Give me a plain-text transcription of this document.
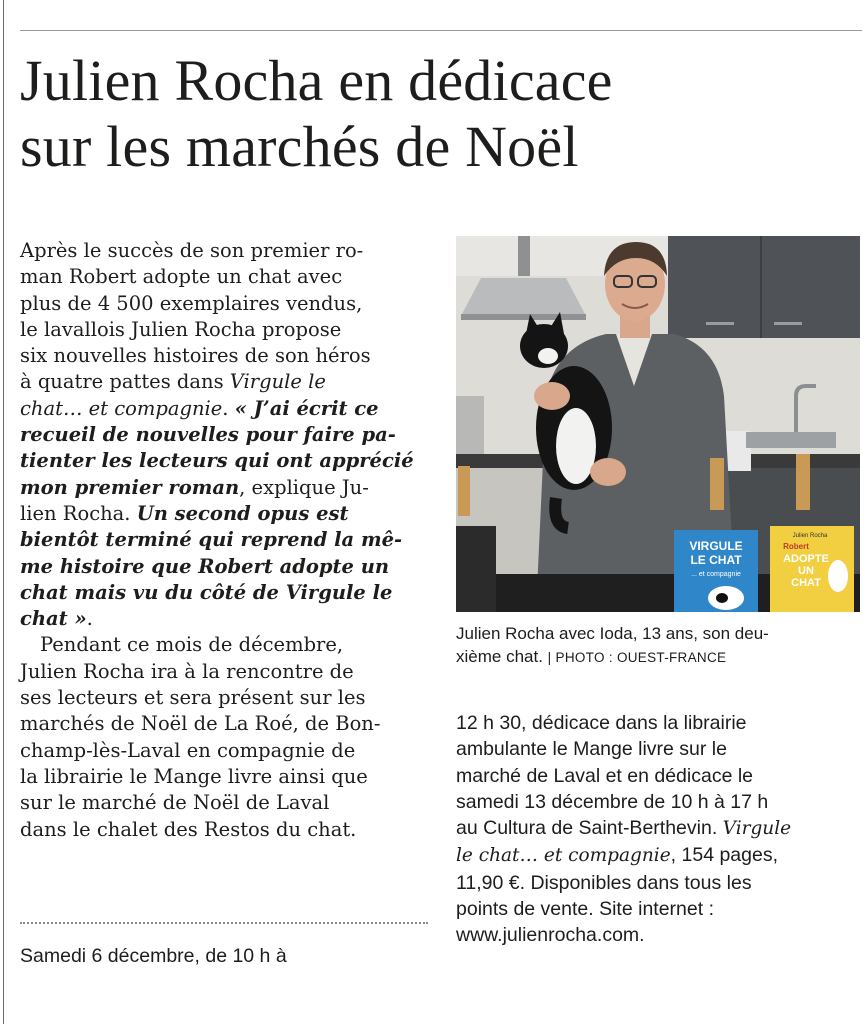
Julien Rocha en dédicace
sur les marchés de Noël
Après le succès de son premier ro-
man Robert adopte un chat avec
plus de 4 500 exemplaires vendus,
le lavallois Julien Rocha propose
six nouvelles histoires de son héros
à quatre pattes dans Virgule le
chat… et compagnie. « J’ai écrit ce
recueil de nouvelles pour faire pa-
tienter les lecteurs qui ont apprécié
mon premier roman, explique Ju-
lien Rocha. Un second opus est
bientôt terminé qui reprend la mê-
me histoire que Robert adopte un
chat mais vu du côté de Virgule le
chat ».
Pendant ce mois de décembre,
Julien Rocha ira à la rencontre de
ses lecteurs et sera présent sur les
marchés de Noël de La Roé, de Bon-
champ-lès-Laval en compagnie de
la librairie le Mange livre ainsi que
sur le marché de Noël de Laval
dans le chalet des Restos du chat.
Samedi 6 décembre, de 10 h à
VIRGULE
LE CHAT
... et compagnie
Julien Rocha
Robert
ADOPTE
UN
CHAT
Julien Rocha avec Ioda, 13 ans, son deu-
xième chat. | PHOTO : OUEST-FRANCE
12 h 30, dédicace dans la librairie
ambulante le Mange livre sur le
marché de Laval et en dédicace le
samedi 13 décembre de 10 h à 17 h
au Cultura de Saint-Berthevin. Virgule
le chat… et compagnie, 154 pages,
11,90 €. Disponibles dans tous les
points de vente. Site internet :
www.julienrocha.com.
